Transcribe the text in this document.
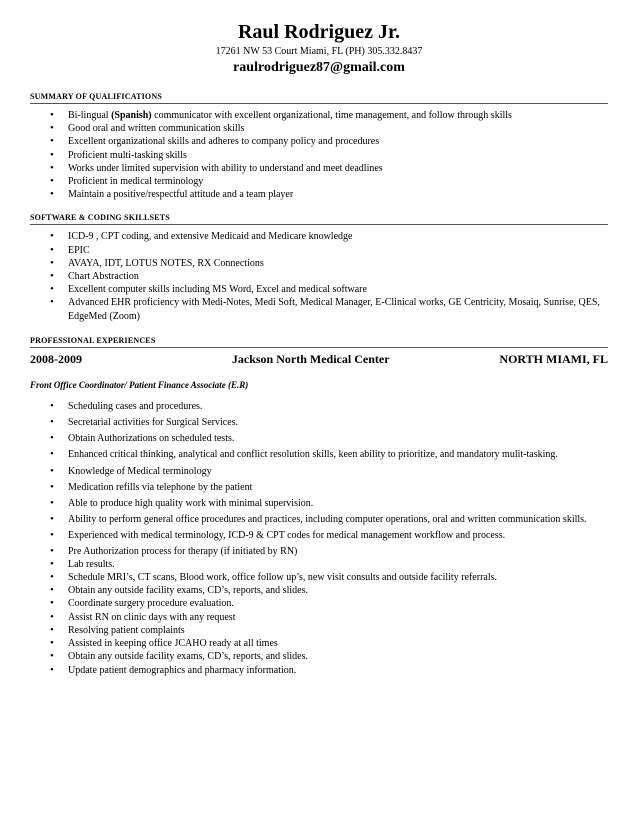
Raul Rodriguez Jr.
17261 NW 53 Court Miami, FL (PH) 305.332.8437
raulrodriguez87@gmail.com
SUMMARY OF QUALIFICATIONS
• Bi-lingual (Spanish) communicator with excellent organizational, time management, and follow through skills
• Good oral and written communication skills
• Excellent organizational skills and adheres to company policy and procedures
• Proficient multi-tasking skills
• Works under limited supervision with ability to understand and meet deadlines
• Proficient in medical terminology
• Maintain a positive/respectful attitude and a team player
SOFTWARE & CODING SKILLSETS
• ICD-9 , CPT coding, and extensive Medicaid and Medicare knowledge
• EPIC
• AVAYA, IDT, LOTUS NOTES, RX Connections
• Chart Abstraction
• Excellent computer skills including MS Word, Excel and medical software
• Advanced EHR proficiency with Medi-Notes, Medi Soft, Medical Manager, E-Clinical works, GE Centricity, Mosaiq, Sunrise, QES, EdgeMed (Zoom)
PROFESSIONAL EXPERIENCES
2008-2009	Jackson North Medical Center	NORTH MIAMI, FL
Front Office Coordinator/ Patient Finance Associate (E.R)
• Scheduling cases and procedures.
• Secretarial activities for Surgical Services.
• Obtain Authorizations on scheduled tests.
• Enhanced critical thinking, analytical and conflict resolution skills, keen ability to prioritize, and mandatory mulit-tasking.
• Knowledge of Medical terminology
• Medication refills via telephone by the patient
• Able to produce high quality work with minimal supervision.
• Ability to perform general office procedures and practices, including computer operations, oral and written communication skills.
• Experienced with medical terminology, ICD-9 & CPT codes for medical management workflow and process.
• Pre Authorization process for therapy (if initiated by RN)
• Lab results.
• Schedule MRI’s, CT scans, Blood work, office follow up’s, new visit consults and outside facility referrals.
• Obtain any outside facility exams, CD’s, reports, and slides.
• Coordinate surgery procedure evaluation.
• Assist RN on clinic days with any request
• Resolving patient complaints
• Assisted in keeping office JCAHO ready at all times
• Obtain any outside facility exams, CD’s, reports, and slides.
• Update patient demographics and pharmacy information.
